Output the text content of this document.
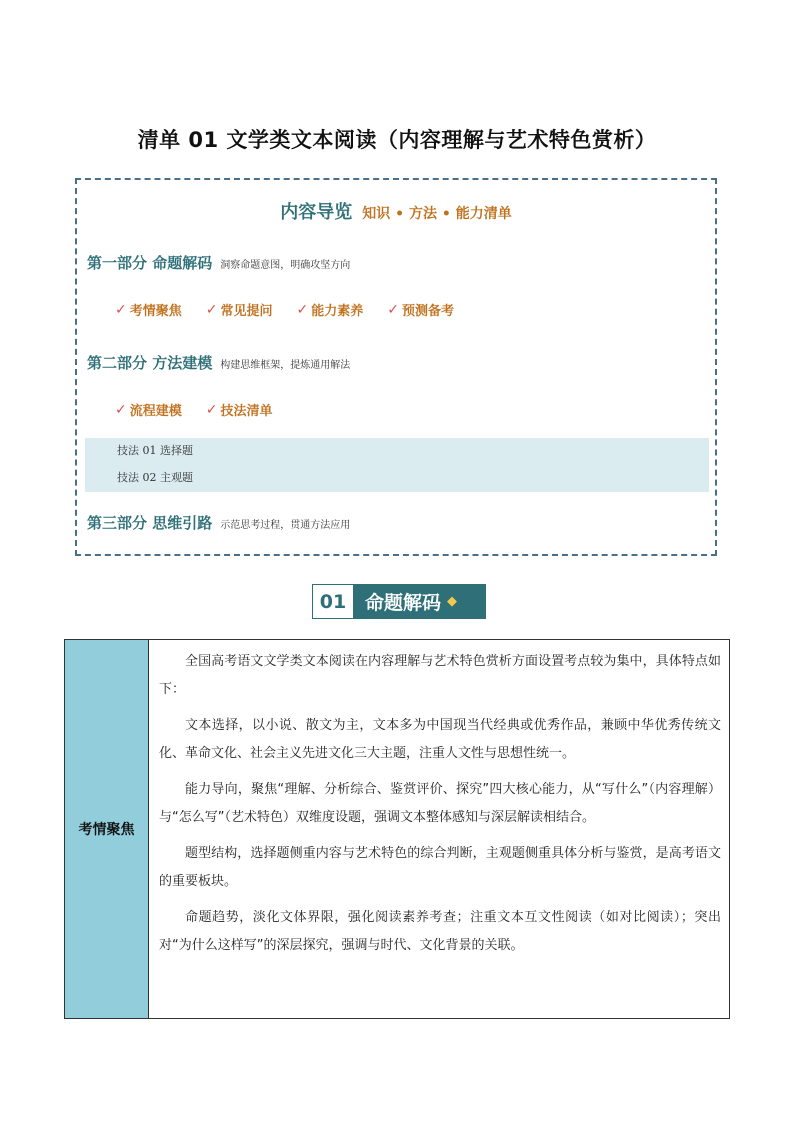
清单 01 文学类文本阅读（内容理解与艺术特色赏析）
内容导览 知识 • 方法 • 能力清单
第一部分 命题解码 洞察命题意图，明确攻坚方向
✓ 考情聚焦 ✓ 常见提问 ✓ 能力素养 ✓ 预测备考
第二部分 方法建模 构建思维框架，提炼通用解法
✓ 流程建模 ✓ 技法清单
技法 01 选择题
技法 02 主观题
第三部分 思维引路 示范思考过程，贯通方法应用
01 命题解码 ◆
考情聚焦

全国高考语文文学类文本阅读在内容理解与艺术特色赏析方面设置考点较为集中，具体特点如下：

文本选择，以小说、散文为主，文本多为中国现当代经典或优秀作品，兼顾中华优秀传统文化、革命文化、社会主义先进文化三大主题，注重人文性与思想性统一。

能力导向，聚焦“理解、分析综合、鉴赏评价、探究”四大核心能力，从“写什么”（内容理解）与“怎么写”（艺术特色）双维度设题，强调文本整体感知与深层解读相结合。

题型结构，选择题侧重内容与艺术特色的综合判断，主观题侧重具体分析与鉴赏，是高考语文的重要板块。

命题趋势，淡化文体界限，强化阅读素养考查；注重文本互文性阅读（如对比阅读）；突出对“为什么这样写”的深层探究，强调与时代、文化背景的关联。
